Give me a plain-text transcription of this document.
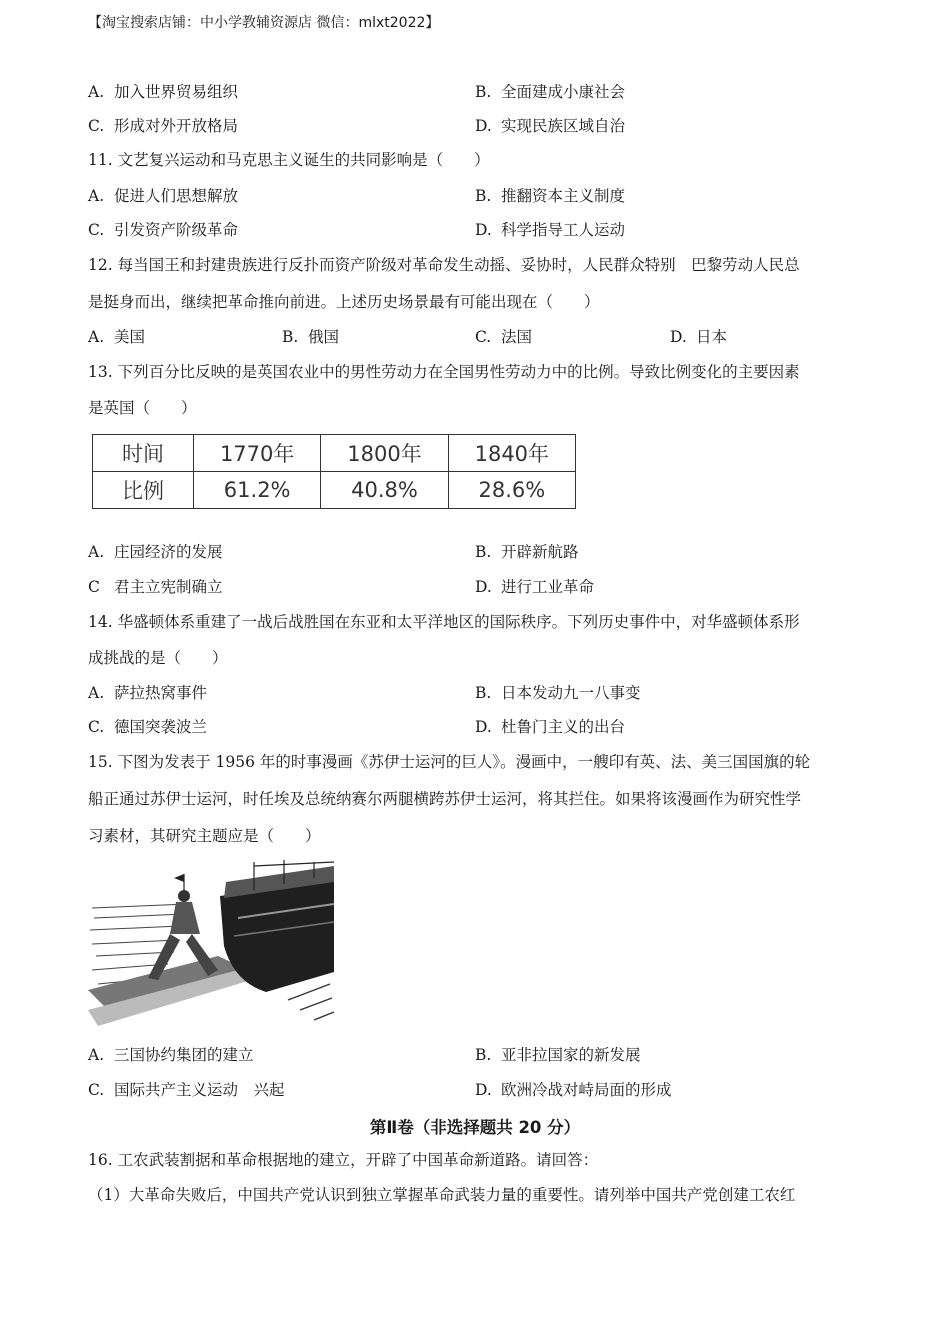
【淘宝搜索店铺：中小学教辅资源店 微信：mlxt2022】
A. 加入世界贸易组织	B. 全面建成小康社会
C. 形成对外开放格局	D. 实现民族区域自治
11. 文艺复兴运动和马克思主义诞生的共同影响是（　　）
A. 促进人们思想解放	B. 推翻资本主义制度
C. 引发资产阶级革命	D. 科学指导工人运动
12. 每当国王和封建贵族进行反扑而资产阶级对革命发生动摇、妥协时，人民群众特别　巴黎劳动人民总
是挺身而出，继续把革命推向前进。上述历史场景最有可能出现在（　　）
A. 美国	B. 俄国	C. 法国	D. 日本
13. 下列百分比反映的是英国农业中的男性劳动力在全国男性劳动力中的比例。导致比例变化的主要因素
是英国（　　）
时间	1770年	1800年	1840年
比例	61.2%	40.8%	28.6%
A. 庄园经济的发展	B. 开辟新航路
C 君主立宪制确立	D. 进行工业革命
14. 华盛顿体系重建了一战后战胜国在东亚和太平洋地区的国际秩序。下列历史事件中，对华盛顿体系形
成挑战的是（　　）
A. 萨拉热窝事件	B. 日本发动九一八事变
C. 德国突袭波兰	D. 杜鲁门主义的出台
15. 下图为发表于 1956 年的时事漫画《苏伊士运河的巨人》。漫画中，一艘印有英、法、美三国国旗的轮
船正通过苏伊士运河，时任埃及总统纳赛尔两腿横跨苏伊士运河，将其拦住。如果将该漫画作为研究性学
习素材，其研究主题应是（　　）
A. 三国协约集团的建立	B. 亚非拉国家的新发展
C. 国际共产主义运动　兴起	D. 欧洲冷战对峙局面的形成
第Ⅱ卷（非选择题共 20 分）
16. 工农武装割据和革命根据地的建立，开辟了中国革命新道路。请回答：
（1）大革命失败后，中国共产党认识到独立掌握革命武装力量的重要性。请列举中国共产党创建工农红
